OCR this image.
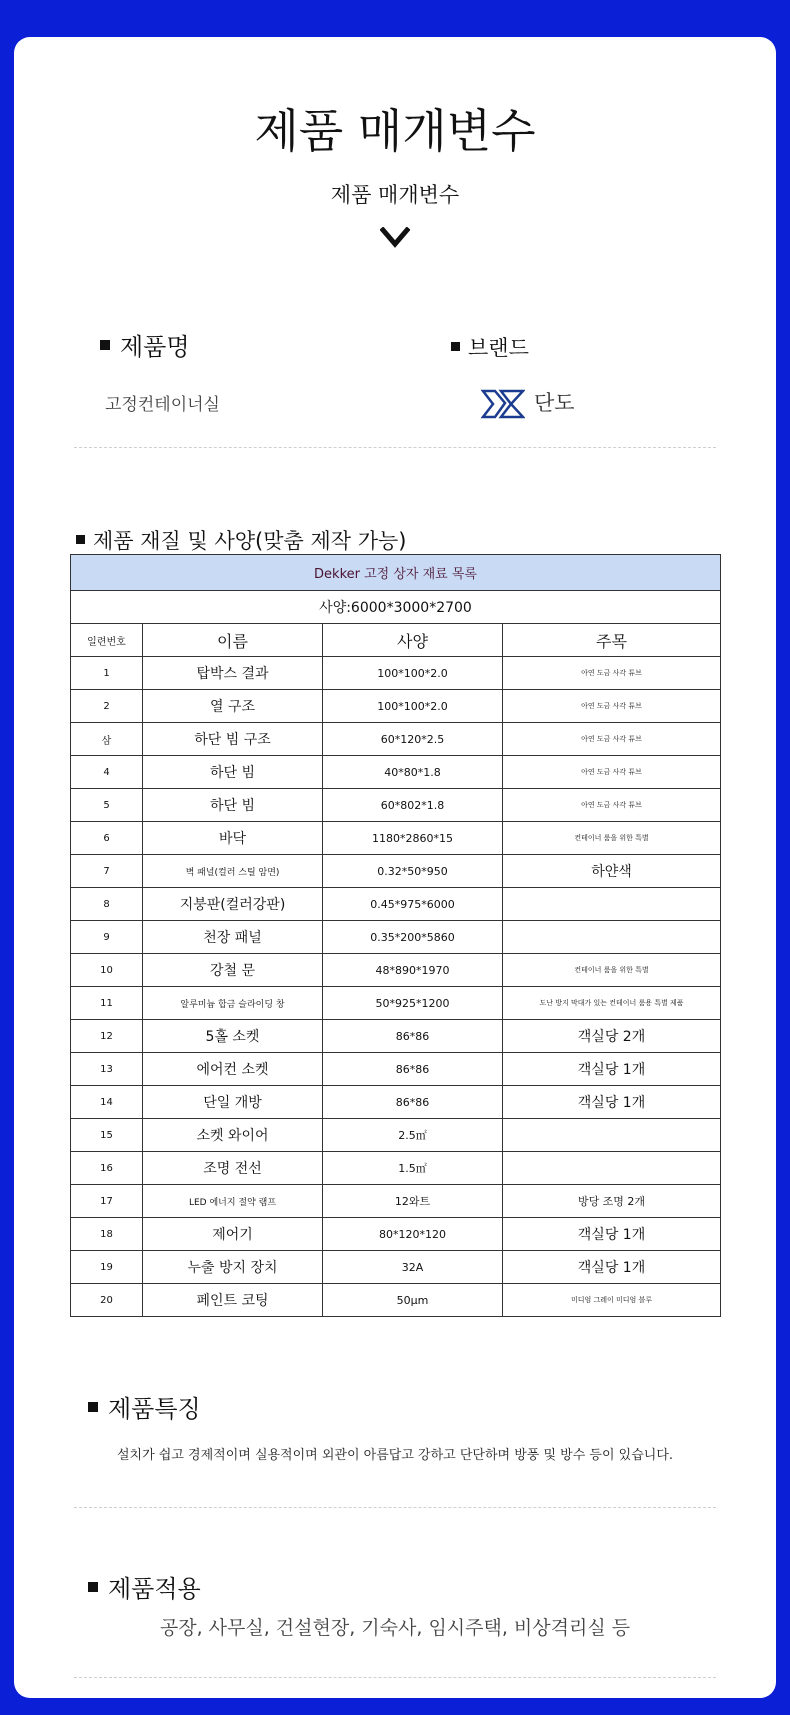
제품 매개변수
제품 매개변수
제품명	브랜드
고정컨테이너실	단도
제품 재질 및 사양(맞춤 제작 가능)
Dekker 고정 상자 재료 목록			
사양:6000*3000*2700			
일련번호	이름	사양	주목
1	탑박스 결과	100*100*2.0	아연 도금 사각 튜브
2	열 구조	100*100*2.0	아연 도금 사각 튜브
삼	하단 빔 구조	60*120*2.5	아연 도금 사각 튜브
4	하단 빔	40*80*1.8	아연 도금 사각 튜브
5	하단 빔	60*802*1.8	아연 도금 사각 튜브
6	바닥	1180*2860*15	컨테이너 룸을 위한 특별
7	벽 패널(컬러 스틸 암면)	0.32*50*950	하얀색
8	지붕판(컬러강판)	0.45*975*6000	
9	천장 패널	0.35*200*5860	
10	강철 문	48*890*1970	컨테이너 룸을 위한 특별
11	알루미늄 합금 슬라이딩 창	50*925*1200	도난 방지 막대가 있는 컨테이너 룸용 특별 제품
12	5홀 소켓	86*86	객실당 2개
13	에어컨 소켓	86*86	객실당 1개
14	단일 개방	86*86	객실당 1개
15	소켓 와이어	2.5㎡	
16	조명 전선	1.5㎡	
17	LED 에너지 절약 램프	12와트	방당 조명 2개
18	제어기	80*120*120	객실당 1개
19	누출 방지 장치	32A	객실당 1개
20	페인트 코팅	50μm	미디엄 그레이 미디엄 블루
제품특징
설치가 쉽고 경제적이며 실용적이며 외관이 아름답고 강하고 단단하며 방풍 및 방수 등이 있습니다.
제품적용
공장, 사무실, 건설현장, 기숙사, 임시주택, 비상격리실 등
